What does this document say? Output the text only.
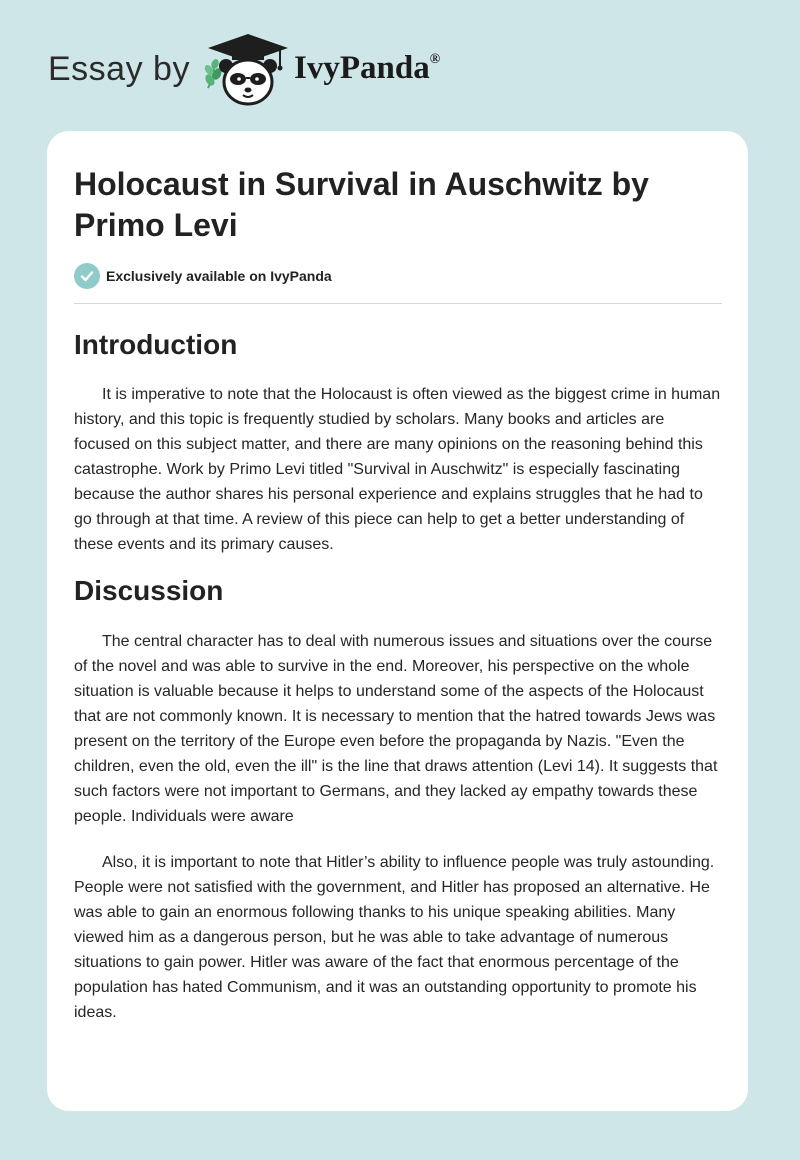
Essay by	IvyPanda®
Holocaust in Survival in Auschwitz by Primo Levi
Exclusively available on IvyPanda
Introduction

It is imperative to note that the Holocaust is often viewed as the biggest crime in human history, and this topic is frequently studied by scholars. Many books and articles are focused on this subject matter, and there are many opinions on the reasoning behind this catastrophe. Work by Primo Levi titled "Survival in Auschwitz" is especially fascinating because the author shares his personal experience and explains struggles that he had to go through at that time. A review of this piece can help to get a better understanding of these events and its primary causes.

Discussion

The central character has to deal with numerous issues and situations over the course of the novel and was able to survive in the end. Moreover, his perspective on the whole situation is valuable because it helps to understand some of the aspects of the Holocaust that are not commonly known. It is necessary to mention that the hatred towards Jews was present on the territory of the Europe even before the propaganda by Nazis. "Even the children, even the old, even the ill" is the line that draws attention (Levi 14). It suggests that such factors were not important to Germans, and they lacked ay empathy towards these people. Individuals were aware

Also, it is important to note that Hitler’s ability to influence people was truly astounding. People were not satisfied with the government, and Hitler has proposed an alternative. He was able to gain an enormous following thanks to his unique speaking abilities. Many viewed him as a dangerous person, but he was able to take advantage of numerous situations to gain power. Hitler was aware of the fact that enormous percentage of the population has hated Communism, and it was an outstanding opportunity to promote his ideas.
